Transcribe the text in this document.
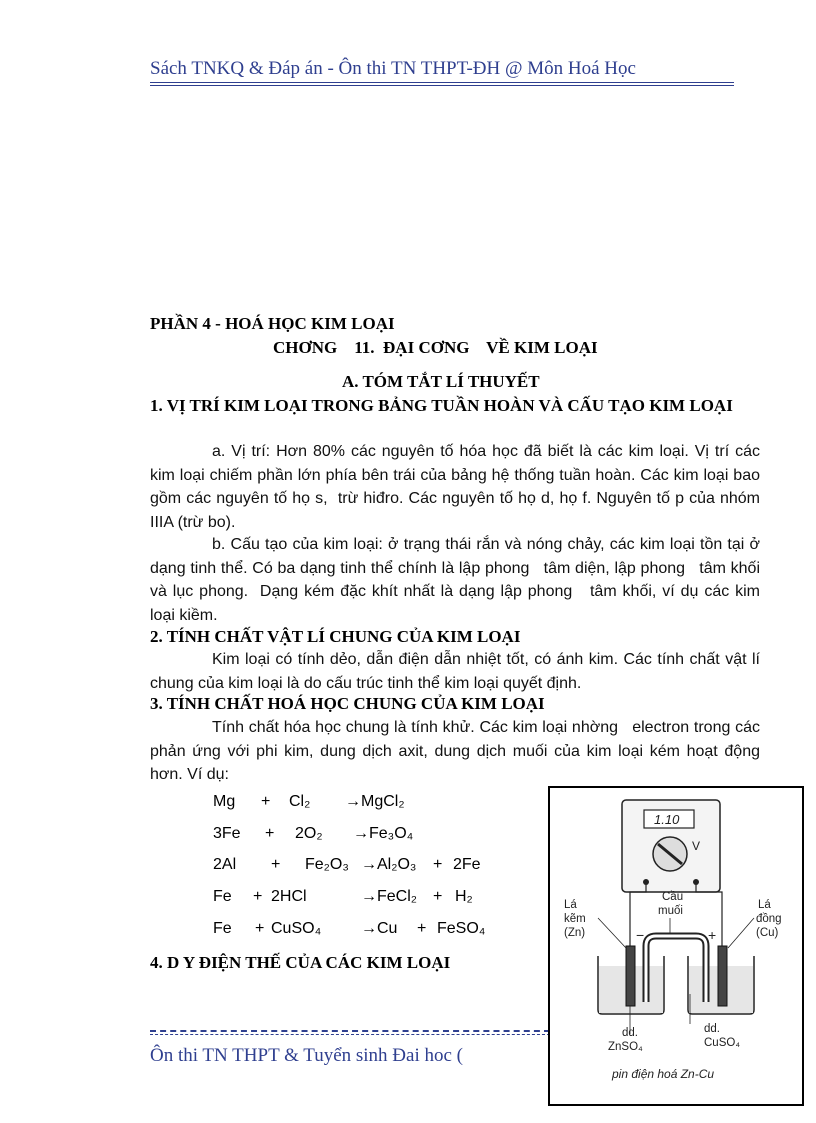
Sách TNKQ & Đáp án - Ôn thi TN THPT-ĐH @ Môn Hoá Học
PHẦN 4 - HOÁ HỌC KIM LOẠI
CHƠNG    11.  ĐẠI CƠNG    VỀ KIM LOẠI
A. TÓM TẮT LÍ THUYẾT
1. VỊ TRÍ KIM LOẠI TRONG BẢNG TUẦN HOÀN VÀ CẤU TẠO KIM LOẠI
a. Vị trí: Hơn 80% các nguyên tố hóa học đã biết là các kim loại. Vị trí các kim loại chiếm phần lớn phía bên trái của bảng hệ thống tuần hoàn. Các kim loại bao gồm các nguyên tố họ s,  trừ hiđro. Các nguyên tố họ d, họ f. Nguyên tố p của nhóm IIIA (trừ bo).
b. Cấu tạo của kim loại: ở trạng thái rắn và nóng chảy, các kim loại tồn tại ở dạng tinh thể. Có ba dạng tinh thể chính là lập phong   tâm diện, lập phong   tâm khối và lục phong.  Dạng kém đặc khít nhất là dạng lập phong   tâm khối, ví dụ các kim loại kiềm.
2. TÍNH CHẤT VẬT LÍ CHUNG CỦA KIM LOẠI
Kim loại có tính dẻo, dẫn điện dẫn nhiệt tốt, có ánh kim. Các tính chất vật lí chung của kim loại là do cấu trúc tinh thể kim loại quyết định.
3. TÍNH CHẤT HOÁ HỌC CHUNG CỦA KIM LOẠI
Tính chất hóa học chung là tính khử. Các kim loại nhờng   electron trong các phản ứng với phi kim, dung dịch axit, dung dịch muối của kim loại kém hoạt động hơn. Ví dụ:
Mg + Cl₂ →MgCl₂
3Fe + 2O₂ →Fe₃O₄
2Al + Fe₂O₃ →Al₂O₃ + 2Fe
Fe + 2HCl	→FeCl₂ + H₂
Fe + CuSO₄ →Cu + FeSO₄
4. D Y ĐIỆN THẾ CỦA CÁC KIM LOẠI
Ôn thi TN THPT & Tuyển sinh Đai hoc (
1.10
V
Lá
kẽm
(Zn)
Cầu
muối	Lá
đồng
(Cu)
−	+
dd.
ZnSO₄
dd.
CuSO₄
pin điện hoá Zn-Cu
